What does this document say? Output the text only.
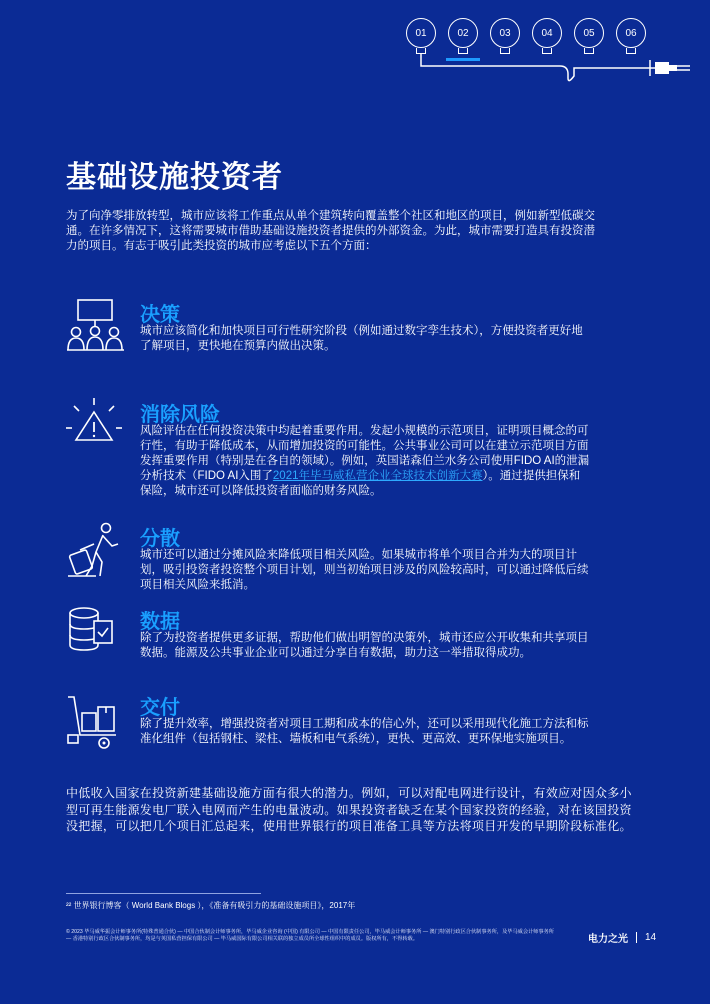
01	02	03	04	05	06
基础设施投资者

为了向净零排放转型，城市应该将工作重点从单个建筑转向覆盖整个社区和地区的项目，例如新型低碳交通。在许多情况下，这将需要城市借助基础设施投资者提供的外部资金。为此，城市需要打造具有投资潜力的项目。有志于吸引此类投资的城市应考虑以下五个方面：

决策
城市应该简化和加快项目可行性研究阶段（例如通过数字孪生技术），方便投资者更好地了解项目，更快地在预算内做出决策。
消除风险
风险评估在任何投资决策中均起着重要作用。发起小规模的示范项目，证明项目概念的可行性，有助于降低成本，从而增加投资的可能性。公共事业公司可以在建立示范项目方面发挥重要作用（特别是在各自的领域）。例如，英国诺森伯兰水务公司使用FIDO AI的泄漏分析技术（FIDO AI入围了2021年毕马威私营企业全球技术创新大赛）。通过提供担保和保险，城市还可以降低投资者面临的财务风险。
分散
城市还可以通过分摊风险来降低项目相关风险。如果城市将单个项目合并为大的项目计划，吸引投资者投资整个项目计划，则当初始项目涉及的风险较高时，可以通过降低后续项目相关风险来抵消。
数据
除了为投资者提供更多证据，帮助他们做出明智的决策外，城市还应公开收集和共享项目数据。能源及公共事业企业可以通过分享自有数据，助力这一举措取得成功。
交付
除了提升效率，增强投资者对项目工期和成本的信心外，还可以采用现代化施工方法和标准化组件（包括钢柱、梁柱、墙板和电气系统），更快、更高效、更环保地实施项目。

中低收入国家在投资新建基础设施方面有很大的潜力。例如，可以对配电网进行设计，有效应对因众多小型可再生能源发电厂联入电网而产生的电量波动。如果投资者缺乏在某个国家投资的经验，对在该国投资没把握，可以把几个项目汇总起来，使用世界银行的项目准备工具等方法将项目开发的早期阶段标准化。

²² 世界银行博客（ World Bank Blogs ），《准备有吸引力的基础设施项目》，2017年
© 2023 毕马威华振会计师事务所(特殊普通合伙) — 中国合伙制会计师事务所，毕马威企业咨询 (中国) 有限公司 — 中国有限责任公司，毕马威会计师事务所 — 澳门特别行政区合伙制事务所，及毕马威会计师事务所 — 香港特别行政区合伙制事务所，均是与英国私营担保有限公司 — 毕马威国际有限公司相关联的独立成员所全球性组织中的成员。版权所有，不得转载。	电力之光 14
